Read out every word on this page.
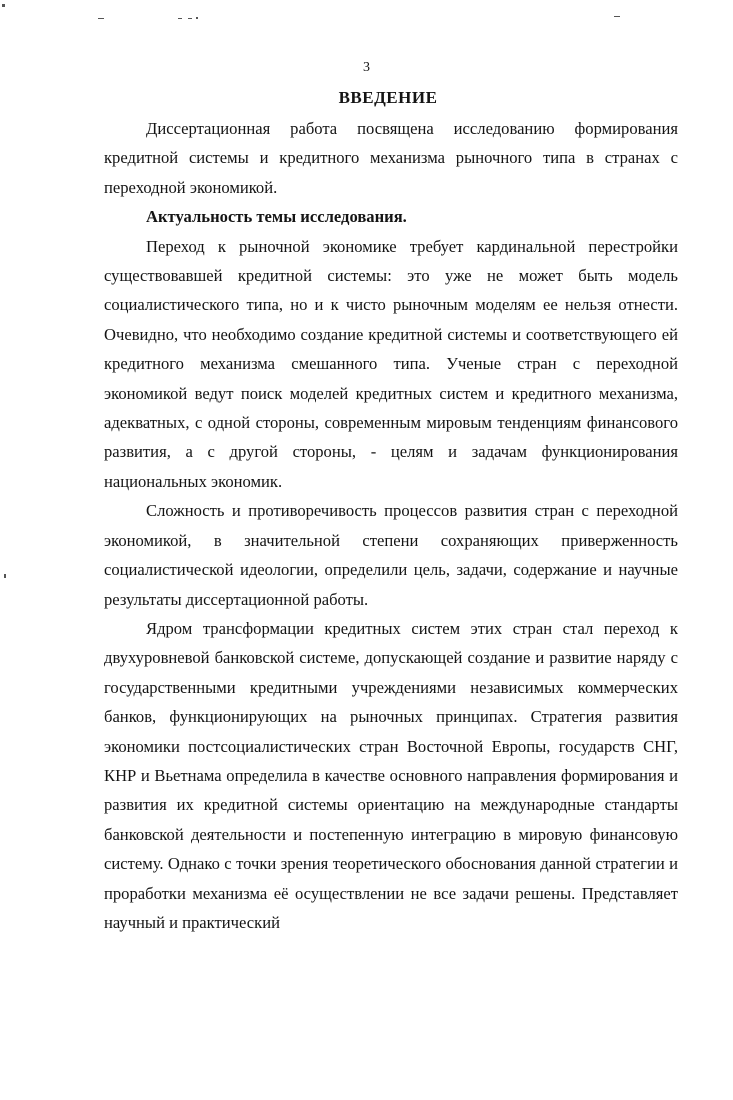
3
ВВЕДЕНИЕ

Диссертационная работа посвящена исследованию формирования кредитной системы и кредитного механизма рыночного типа в странах с переходной экономикой.

Актуальность темы исследования.

Переход к рыночной экономике требует кардинальной перестройки существовавшей кредитной системы: это уже не может быть модель социалистического типа, но и к чисто рыночным моделям ее нельзя отнести. Очевидно, что необходимо создание кредитной системы и соответствующего ей кредитного механизма смешанного типа. Ученые стран с переходной экономикой ведут поиск моделей кредитных систем и кредитного механизма, адекватных, с одной стороны, современным мировым тенденциям финансового развития, а с другой стороны, - целям и задачам функционирования национальных экономик.

Сложность и противоречивость процессов развития стран с переходной экономикой, в значительной степени сохраняющих приверженность социалистической идеологии, определили цель, задачи, содержание и научные результаты диссертационной работы.

Ядром трансформации кредитных систем этих стран стал переход к двухуровневой банковской системе, допускающей создание и развитие наряду с государственными кредитными учреждениями независимых коммерческих банков, функционирующих на рыночных принципах. Стратегия развития экономики постсоциалистических стран Восточной Европы, государств СНГ, КНР и Вьетнама определила в качестве основного направления формирования и развития их кредитной системы ориентацию на международные стандарты банковской деятельности и постепенную интеграцию в мировую финансовую систему. Однако с точки зрения теоретического обоснования данной стратегии и проработки механизма её осуществлении не все задачи решены. Представляет научный и практический
